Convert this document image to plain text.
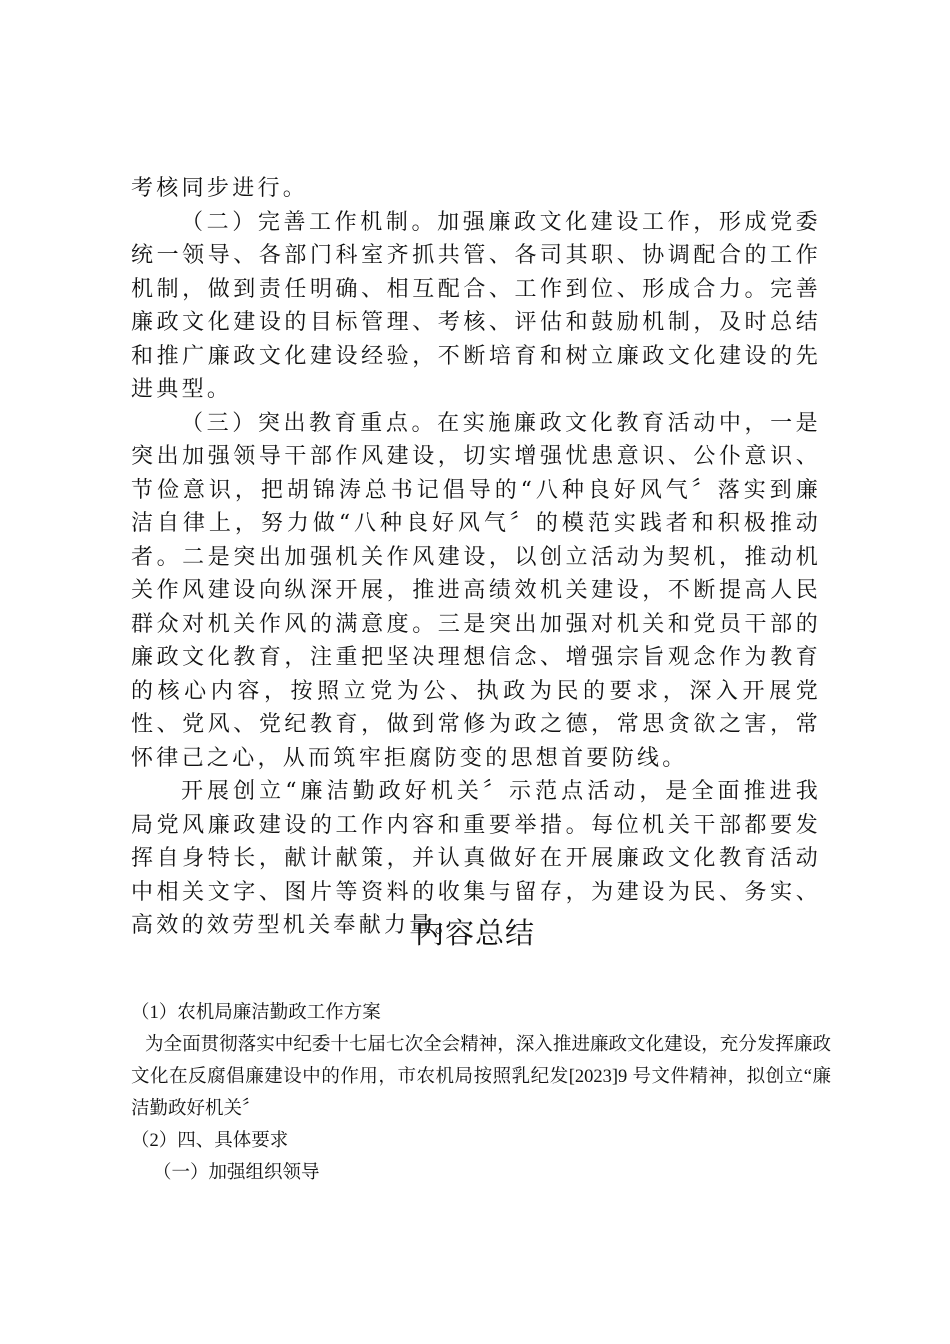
考核同步进行。

（二）完善工作机制。加强廉政文化建设工作，形成党委统一领导、各部门科室齐抓共管、各司其职、协调配合的工作机制，做到责任明确、相互配合、工作到位、形成合力。完善廉政文化建设的目标管理、考核、评估和鼓励机制，及时总结和推广廉政文化建设经验，不断培育和树立廉政文化建设的先进典型。

（三）突出教育重点。在实施廉政文化教育活动中，一是突出加强领导干部作风建设，切实增强忧患意识、公仆意识、节俭意识，把胡锦涛总书记倡导的“八种良好风气〞落实到廉洁自律上，努力做“八种良好风气〞的模范实践者和积极推动者。二是突出加强机关作风建设，以创立活动为契机，推动机关作风建设向纵深开展，推进高绩效机关建设，不断提高人民群众对机关作风的满意度。三是突出加强对机关和党员干部的廉政文化教育，注重把坚决理想信念、增强宗旨观念作为教育的核心内容，按照立党为公、执政为民的要求，深入开展党性、党风、党纪教育，做到常修为政之德，常思贪欲之害，常怀律己之心，从而筑牢拒腐防变的思想首要防线。

开展创立“廉洁勤政好机关〞示范点活动，是全面推进我局党风廉政建设的工作内容和重要举措。每位机关干部都要发挥自身特长，献计献策，并认真做好在开展廉政文化教育活动中相关文字、图片等资料的收集与留存，为建设为民、务实、高效的效劳型机关奉献力量。

内容总结

（1）农机局廉洁勤政工作方案

为全面贯彻落实中纪委十七届七次全会精神，深入推进廉政文化建设，充分发挥廉政文化在反腐倡廉建设中的作用，市农机局按照乳纪发[2023]9 号文件精神，拟创立“廉洁勤政好机关〞

（2）四、具体要求

（一）加强组织领导
